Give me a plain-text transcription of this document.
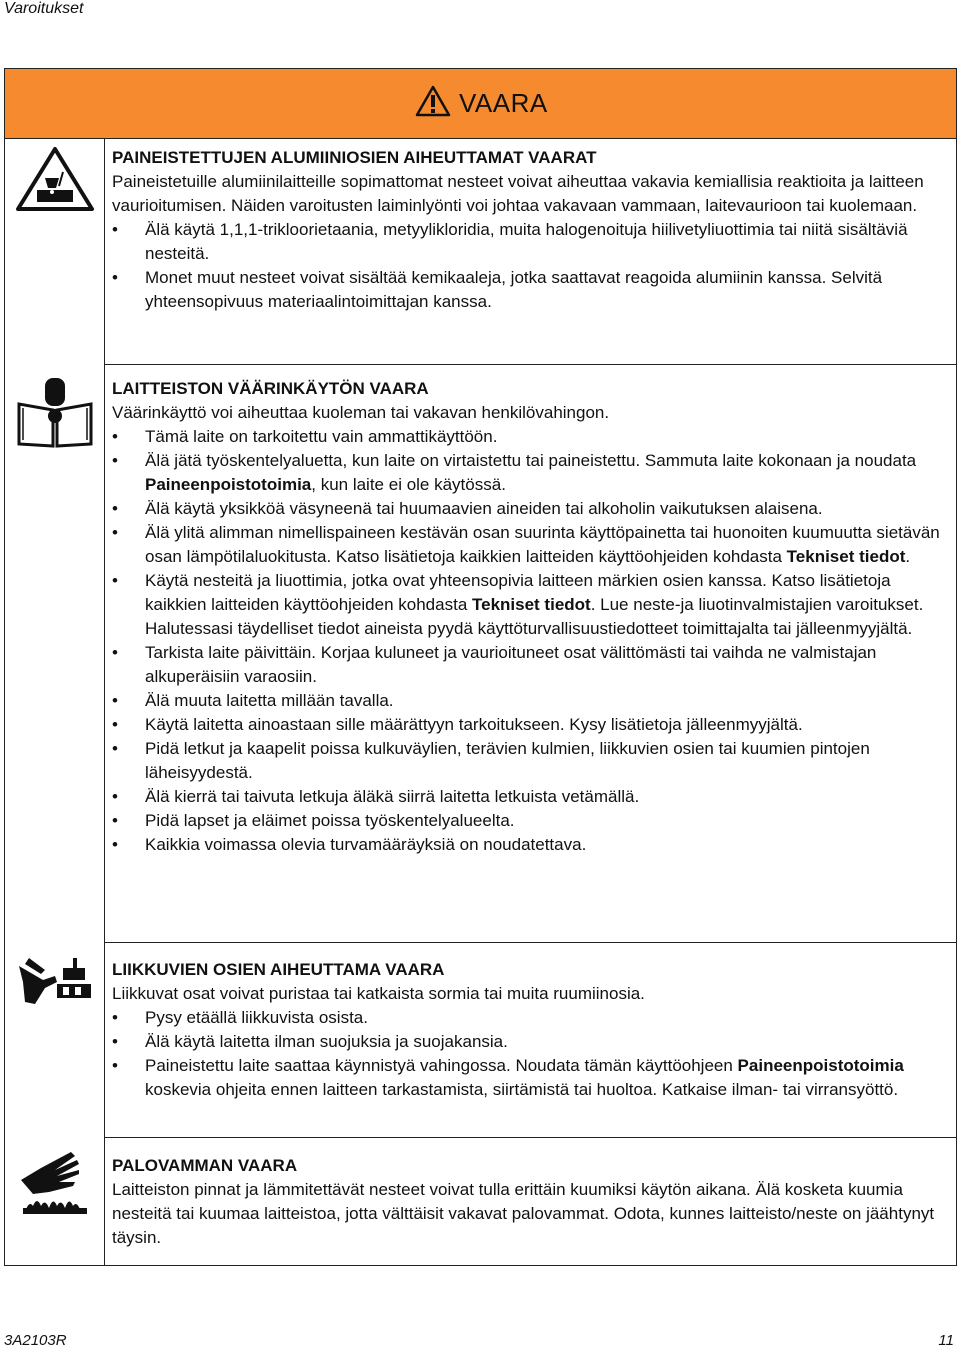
Varoitukset
VAARA
PAINEISTETTUJEN ALUMIINIOSIEN AIHEUTTAMAT VAARAT

Paineistetuille alumiinilaitteille sopimattomat nesteet voivat aiheuttaa vakavia kemiallisia reaktioita ja laitteen vaurioitumisen. Näiden varoitusten laiminlyönti voi johtaa vakavaan vammaan, laitevaurioon tai kuolemaan.

• Älä käytä 1,1,1-trikloorietaania, metyylikloridia, muita halogenoituja hiilivetyliuottimia tai niitä sisältäviä nesteitä.
• Monet muut nesteet voivat sisältää kemikaaleja, jotka saattavat reagoida alumiinin kanssa. Selvitä yhteensopivuus materiaalintoimittajan kanssa.
LAITTEISTON VÄÄRINKÄYTÖN VAARA

Väärinkäyttö voi aiheuttaa kuoleman tai vakavan henkilövahingon.

• Tämä laite on tarkoitettu vain ammattikäyttöön.
• Älä jätä työskentelyaluetta, kun laite on virtaistettu tai paineistettu. Sammuta laite kokonaan ja noudata Paineenpoistotoimia, kun laite ei ole käytössä.
• Älä käytä yksikköä väsyneenä tai huumaavien aineiden tai alkoholin vaikutuksen alaisena.
• Älä ylitä alimman nimellispaineen kestävän osan suurinta käyttöpainetta tai huonoiten kuumuutta sietävän osan lämpötilaluokitusta. Katso lisätietoja kaikkien laitteiden käyttöohjeiden kohdasta Tekniset tiedot.
• Käytä nesteitä ja liuottimia, jotka ovat yhteensopivia laitteen märkien osien kanssa. Katso lisätietoja kaikkien laitteiden käyttöohjeiden kohdasta Tekniset tiedot. Lue neste-ja liuotinvalmistajien varoitukset. Halutessasi täydelliset tiedot aineista pyydä käyttöturvallisuustiedotteet toimittajalta tai jälleenmyyjältä.
• Tarkista laite päivittäin. Korjaa kuluneet ja vaurioituneet osat välittömästi tai vaihda ne valmistajan alkuperäisiin varaosiin.
• Älä muuta laitetta millään tavalla.
• Käytä laitetta ainoastaan sille määrättyyn tarkoitukseen. Kysy lisätietoja jälleenmyyjältä.
• Pidä letkut ja kaapelit poissa kulkuväylien, terävien kulmien, liikkuvien osien tai kuumien pintojen läheisyydestä.
• Älä kierrä tai taivuta letkuja äläkä siirrä laitetta letkuista vetämällä.
• Pidä lapset ja eläimet poissa työskentelyalueelta.
• Kaikkia voimassa olevia turvamääräyksiä on noudatettava.
LIIKKUVIEN OSIEN AIHEUTTAMA VAARA

Liikkuvat osat voivat puristaa tai katkaista sormia tai muita ruumiinosia.

• Pysy etäällä liikkuvista osista.
• Älä käytä laitetta ilman suojuksia ja suojakansia.
• Paineistettu laite saattaa käynnistyä vahingossa. Noudata tämän käyttöohjeen Paineenpoistotoimia koskevia ohjeita ennen laitteen tarkastamista, siirtämistä tai huoltoa. Katkaise ilman- tai virransyöttö.
PALOVAMMAN VAARA

Laitteiston pinnat ja lämmitettävät nesteet voivat tulla erittäin kuumiksi käytön aikana. Älä kosketa kuumia nesteitä tai kuumaa laitteistoa, jotta välttäisit vakavat palovammat. Odota, kunnes laitteisto/neste on jäähtynyt täysin.

3A2103R	11
